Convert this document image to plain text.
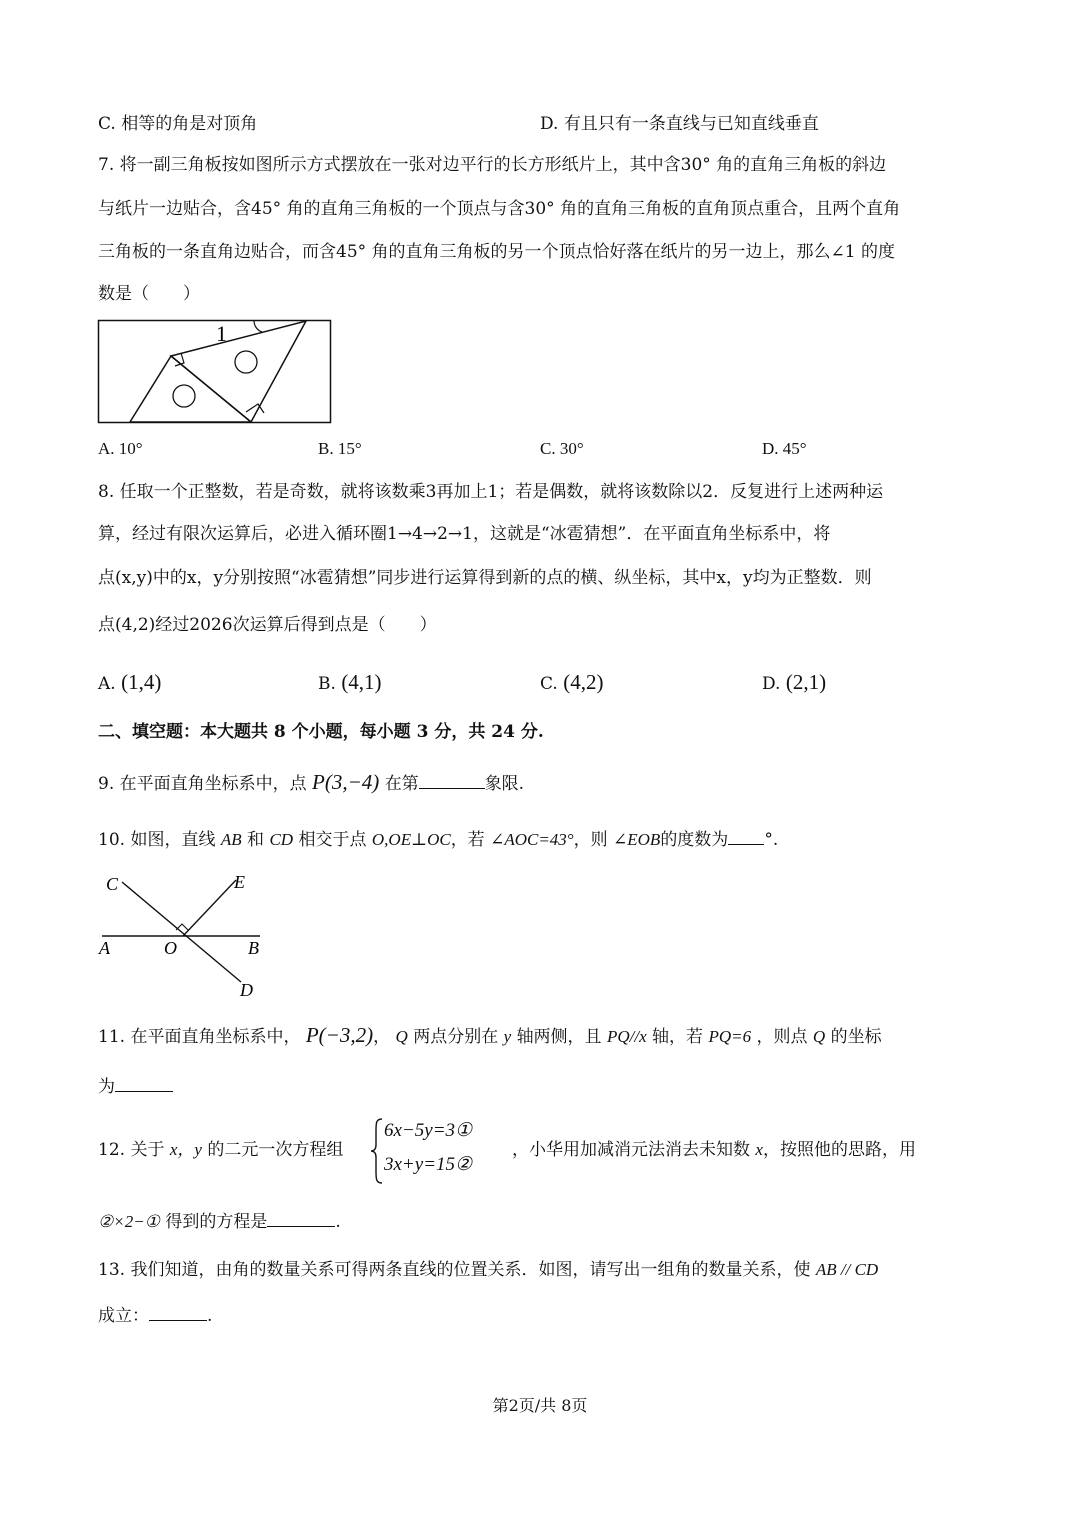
C. 相等的角是对顶角	D. 有且只有一条直线与已知直线垂直
7. 将一副三角板按如图所示方式摆放在一张对边平行的长方形纸片上，其中含30° 角的直角三角板的斜边
与纸片一边贴合，含45° 角的直角三角板的一个顶点与含30° 角的直角三角板的直角顶点重合，且两个直角
三角板的一条直角边贴合，而含45° 角的直角三角板的另一个顶点恰好落在纸片的另一边上，那么∠1 的度
数是（　　）
1
A. 10°	B. 15°	C. 30°	D. 45°
8. 任取一个正整数，若是奇数，就将该数乘3再加上1；若是偶数，就将该数除以2．反复进行上述两种运
算，经过有限次运算后，必进入循环圈1→4→2→1，这就是“冰雹猜想”．在平面直角坐标系中，将
点(x,y)中的x，y分别按照“冰雹猜想”同步进行运算得到新的点的横、纵坐标，其中x，y均为正整数．则
点(4,2)经过2026次运算后得到点是（　　）
A. (1,4)	B. (4,1)	C. (4,2)	D. (2,1)
二、填空题：本大题共 8 个小题，每小题 3 分，共 24 分.
9. 在平面直角坐标系中，点 P(3,−4) 在第	象限.
10. 如图，直线 AB 和 CD 相交于点 O,OE⊥OC，若 ∠AOC=43°，则 ∠EOB的度数为 °.
C	E
A	O	B
D
11. 在平面直角坐标系中， P(−3,2)， Q 两点分别在 y 轴两侧，且 PQ//x 轴，若 PQ=6 ，则点 Q 的坐标
为
12. 关于 x，y 的二元一次方程组
6x−5y=3①
3x+y=15②
，小华用加减消元法消去未知数 x，按照他的思路，用
②×2−① 得到的方程是	.
13. 我们知道，由角的数量关系可得两条直线的位置关系．如图，请写出一组角的数量关系，使 AB // CD
成立：	.
第2页/共 8页
